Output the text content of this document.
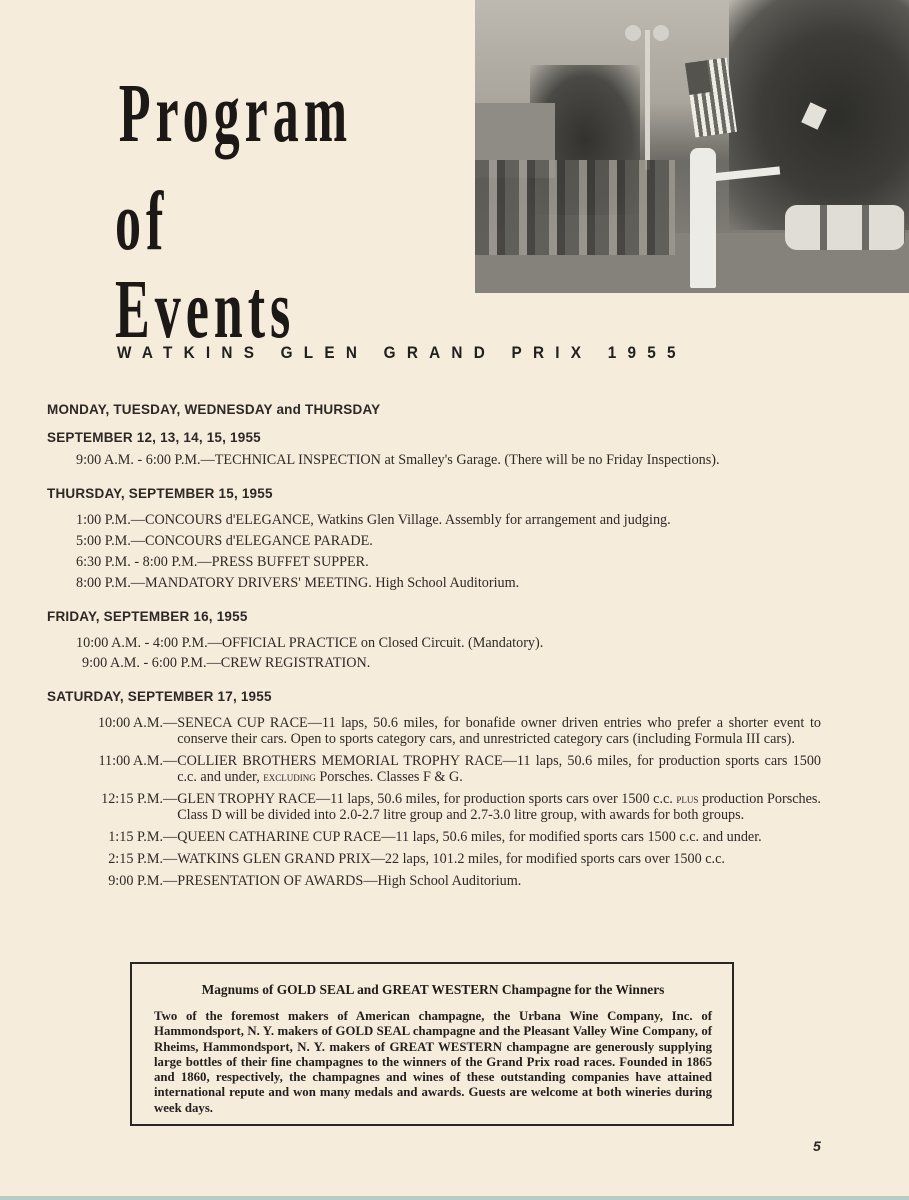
Program
of Events
WATKINS GLEN GRAND PRIX 1955

MONDAY, TUESDAY, WEDNESDAY and THURSDAY

SEPTEMBER 12, 13, 14, 15, 1955

9:00 A.M. - 6:00 P.M. — TECHNICAL INSPECTION at Smalley's Garage. (There will be no Friday Inspections).

THURSDAY, SEPTEMBER 15, 1955

1:00 P.M. — CONCOURS d'ELEGANCE, Watkins Glen Village. Assembly for arrangement and judging.
5:00 P.M. — CONCOURS d'ELEGANCE PARADE.
6:30 P.M. - 8:00 P.M. — PRESS BUFFET SUPPER.
8:00 P.M. — MANDATORY DRIVERS' MEETING. High School Auditorium.

FRIDAY, SEPTEMBER 16, 1955

10:00 A.M. - 4:00 P.M. — OFFICIAL PRACTICE on Closed Circuit. (Mandatory).
9:00 A.M. - 6:00 P.M. — CREW REGISTRATION.

SATURDAY, SEPTEMBER 17, 1955

10:00 A.M. — SENECA CUP RACE—11 laps, 50.6 miles, for bonafide owner driven entries who prefer a shorter event to conserve their cars. Open to sports category cars, and unrestricted category cars (including Formula III cars).
11:00 A.M. — COLLIER BROTHERS MEMORIAL TROPHY RACE—11 laps, 50.6 miles, for production sports cars 1500 c.c. and under, excluding Porsches. Classes F & G.
12:15 P.M. — GLEN TROPHY RACE—11 laps, 50.6 miles, for production sports cars over 1500 c.c. plus production Porsches. Class D will be divided into 2.0-2.7 litre group and 2.7-3.0 litre group, with awards for both groups.
1:15 P.M. — QUEEN CATHARINE CUP RACE—11 laps, 50.6 miles, for modified sports cars 1500 c.c. and under.
2:15 P.M. — WATKINS GLEN GRAND PRIX—22 laps, 101.2 miles, for modified sports cars over 1500 c.c.
9:00 P.M. — PRESENTATION OF AWARDS—High School Auditorium.

Magnums of GOLD SEAL and GREAT WESTERN Champagne for the Winners

Two of the foremost makers of American champagne, the Urbana Wine Company, Inc. of Hammondsport, N. Y. makers of GOLD SEAL champagne and the Pleasant Valley Wine Company, of Rheims, Hammondsport, N. Y. makers of GREAT WESTERN champagne are generously supplying large bottles of their fine champagnes to the winners of the Grand Prix road races. Founded in 1865 and 1860, respectively, the champagnes and wines of these outstanding companies have attained international repute and won many medals and awards. Guests are welcome at both wineries during week days.

5
